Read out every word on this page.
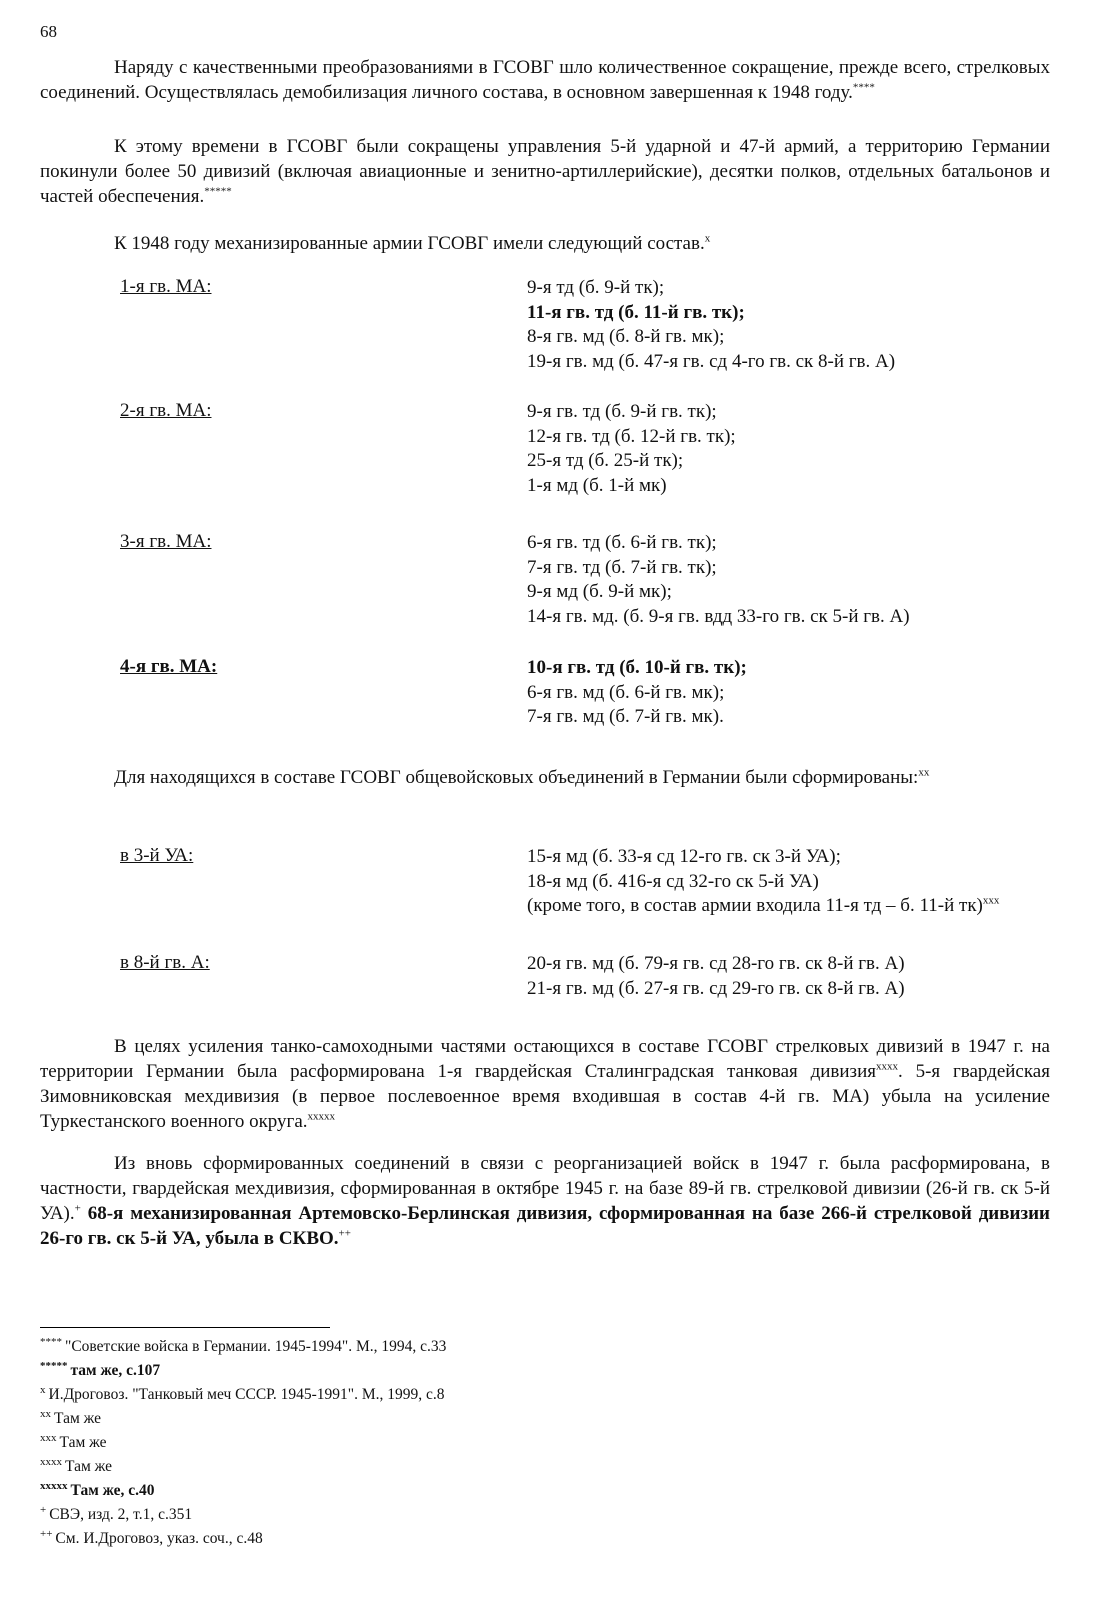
68

Наряду с качественными преобразованиями в ГСОВГ шло количественное сокращение, прежде всего, стрелковых соединений. Осуществлялась демобилизация личного состава, в основном завершенная к 1948 году.****

К этому времени в ГСОВГ были сокращены управления 5-й ударной и 47-й армий, а территорию Германии покинули более 50 дивизий (включая авиационные и зенитно-артиллерийские), десятки полков, отдельных батальонов и частей обеспечения.*****

К 1948 году механизированные армии ГСОВГ имели следующий состав.$^x$

1-я гв. МА:	9-я тд (б. 9-й тк);
11-я гв. тд (б. 11-й гв. тк);
8-я гв. мд (б. 8-й гв. мк);
19-я гв. мд (б. 47-я гв. сд 4-го гв. ск 8-й гв. А)
2-я гв. МА:	9-я гв. тд (б. 9-й гв. тк);
12-я гв. тд (б. 12-й гв. тк);
25-я тд (б. 25-й тк);
1-я мд (б. 1-й мк)
3-я гв. МА:	6-я гв. тд (б. 6-й гв. тк);
7-я гв. тд (б. 7-й гв. тк);
9-я мд (б. 9-й мк);
14-я гв. мд. (б. 9-я гв. вдд 33-го гв. ск 5-й гв. А)
4-я гв. МА:	10-я гв. тд (б. 10-й гв. тк);
6-я гв. мд (б. 6-й гв. мк);
7-я гв. мд (б. 7-й гв. мк).

Для находящихся в составе ГСОВГ общевойсковых объединений в Германии были сформированы:$^{xx}$

в 3-й УА:	15-я мд (б. 33-я сд 12-го гв. ск 3-й УА);
18-я мд (б. 416-я сд 32-го ск 5-й УА)
(кроме того, в состав армии входила 11-я тд – б. 11-й тк)$^{xxx}$
в 8-й гв. А:	20-я гв. мд (б. 79-я гв. сд 28-го гв. ск 8-й гв. А)
21-я гв. мд (б. 27-я гв. сд 29-го гв. ск 8-й гв. А)

В целях усиления танко-самоходными частями остающихся в составе ГСОВГ стрелковых дивизий в 1947 г. на территории Германии была расформирована 1-я гвардейская Сталинградская танковая дивизия$^{xxxx}$. 5-я гвардейская Зимовниковская мехдивизия (в первое послевоенное время входившая в состав 4-й гв. МА) убыла на усиление Туркестанского военного округа.$^{xxxxx}$

Из вновь сформированных соединений в связи с реорганизацией войск в 1947 г. была расформирована, в частности, гвардейская мехдивизия, сформированная в октябре 1945 г. на базе 89-й гв. стрелковой дивизии (26-й гв. ск 5-й УА).+ 68-я механизированная Артемовско-Берлинская дивизия, сформированная на базе 266-й стрелковой дивизии 26-го гв. ск 5-й УА, убыла в СКВО.++

**** "Советские войска в Германии. 1945-1994". М., 1994, с.33
***** там же, с.107
$^x$ И.Дроговоз. "Танковый меч СССР. 1945-1991". М., 1999, с.8
$^{xx}$ Там же
$^{xxx}$ Там же
$^{xxxx}$ Там же
$^{xxxxx}$ Там же, с.40
+ СВЭ, изд. 2, т.1, с.351
++ См. И.Дроговоз, указ. соч., с.48
